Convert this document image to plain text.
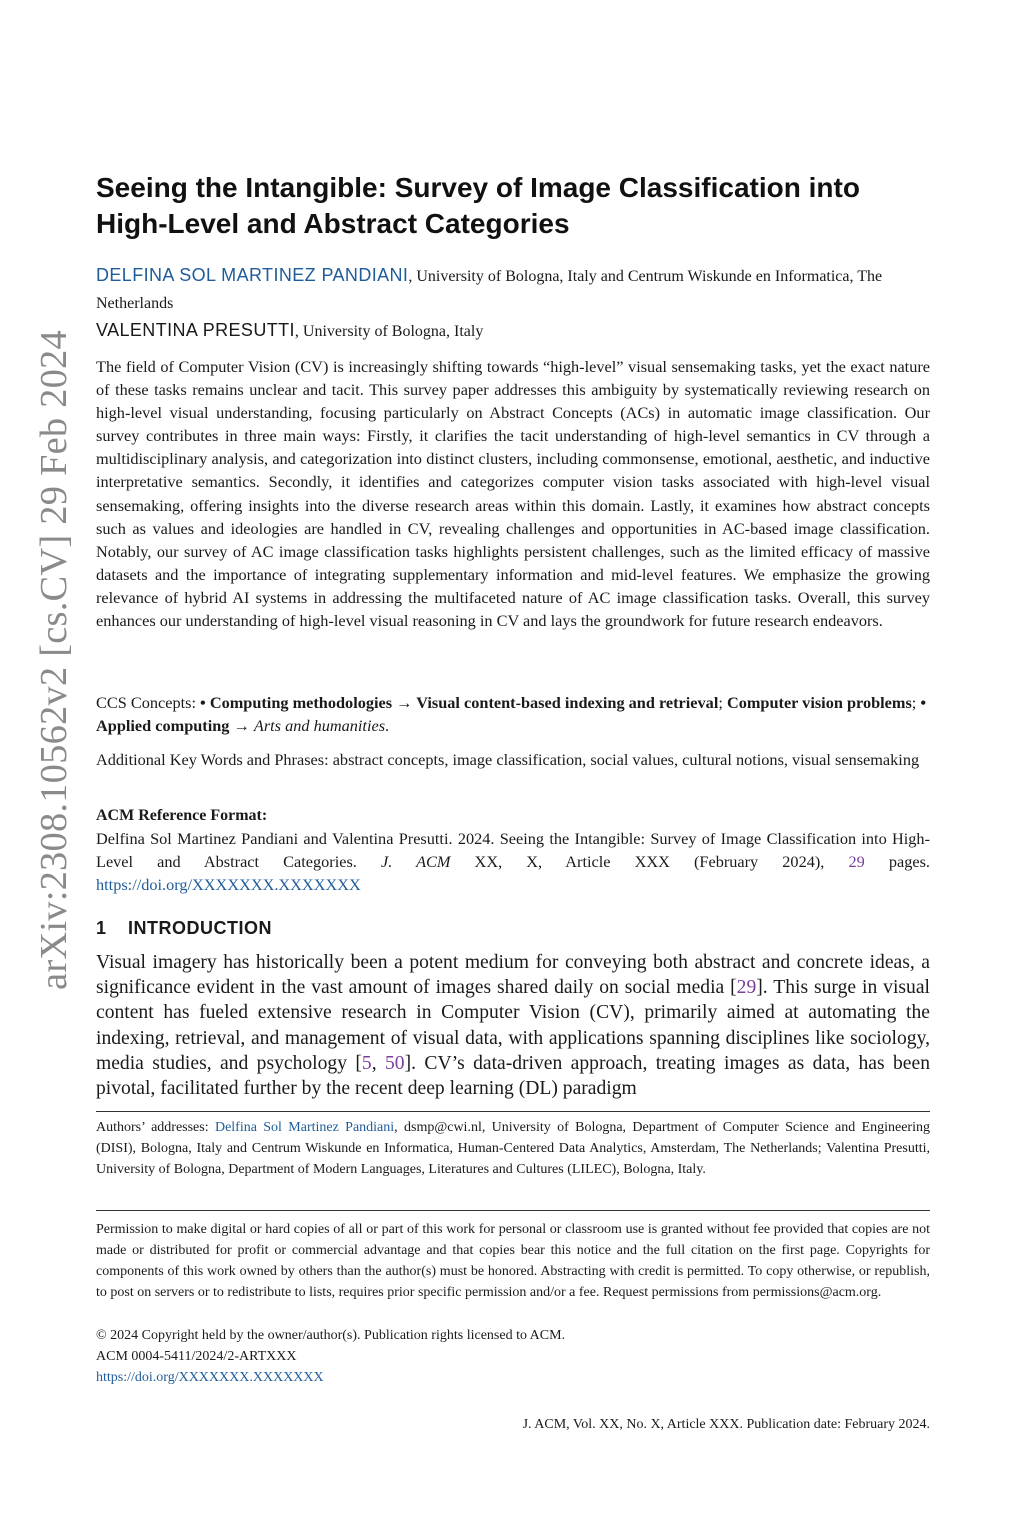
arXiv:2308.10562v2 [cs.CV] 29 Feb 2024
Seeing the Intangible: Survey of Image Classification into High-Level and Abstract Categories

DELFINA SOL MARTINEZ PANDIANI, University of Bologna, Italy and Centrum Wiskunde en Informatica, The Netherlands

VALENTINA PRESUTTI, University of Bologna, Italy

The field of Computer Vision (CV) is increasingly shifting towards “high-level” visual sensemaking tasks, yet the exact nature of these tasks remains unclear and tacit. This survey paper addresses this ambiguity by systematically reviewing research on high-level visual understanding, focusing particularly on Abstract Concepts (ACs) in automatic image classification. Our survey contributes in three main ways: Firstly, it clarifies the tacit understanding of high-level semantics in CV through a multidisciplinary analysis, and categorization into distinct clusters, including commonsense, emotional, aesthetic, and inductive interpretative semantics. Secondly, it identifies and categorizes computer vision tasks associated with high-level visual sensemaking, offering insights into the diverse research areas within this domain. Lastly, it examines how abstract concepts such as values and ideologies are handled in CV, revealing challenges and opportunities in AC-based image classification. Notably, our survey of AC image classification tasks highlights persistent challenges, such as the limited efficacy of massive datasets and the importance of integrating supplementary information and mid-level features. We emphasize the growing relevance of hybrid AI systems in addressing the multifaceted nature of AC image classification tasks. Overall, this survey enhances our understanding of high-level visual reasoning in CV and lays the groundwork for future research endeavors.

CCS Concepts: • Computing methodologies → Visual content-based indexing and retrieval; Computer vision problems; • Applied computing → Arts and humanities.

Additional Key Words and Phrases: abstract concepts, image classification, social values, cultural notions, visual sensemaking

ACM Reference Format:

Delfina Sol Martinez Pandiani and Valentina Presutti. 2024. Seeing the Intangible: Survey of Image Classification into High-Level and Abstract Categories. J. ACM XX, X, Article XXX (February 2024), 29 pages. https://doi.org/XXXXXXX.XXXXXXX

1 INTRODUCTION

Visual imagery has historically been a potent medium for conveying both abstract and concrete ideas, a significance evident in the vast amount of images shared daily on social media [29]. This surge in visual content has fueled extensive research in Computer Vision (CV), primarily aimed at automating the indexing, retrieval, and management of visual data, with applications spanning disciplines like sociology, media studies, and psychology [5, 50]. CV’s data-driven approach, treating images as data, has been pivotal, facilitated further by the recent deep learning (DL) paradigm

Authors’ addresses: Delfina Sol Martinez Pandiani, dsmp@cwi.nl, University of Bologna, Department of Computer Science and Engineering (DISI), Bologna, Italy and Centrum Wiskunde en Informatica, Human-Centered Data Analytics, Amsterdam, The Netherlands; Valentina Presutti, University of Bologna, Department of Modern Languages, Literatures and Cultures (LILEC), Bologna, Italy.

Permission to make digital or hard copies of all or part of this work for personal or classroom use is granted without fee provided that copies are not made or distributed for profit or commercial advantage and that copies bear this notice and the full citation on the first page. Copyrights for components of this work owned by others than the author(s) must be honored. Abstracting with credit is permitted. To copy otherwise, or republish, to post on servers or to redistribute to lists, requires prior specific permission and/or a fee. Request permissions from permissions@acm.org.

© 2024 Copyright held by the owner/author(s). Publication rights licensed to ACM.
ACM 0004-5411/2024/2-ARTXXX
https://doi.org/XXXXXXX.XXXXXXX

J. ACM, Vol. XX, No. X, Article XXX. Publication date: February 2024.
